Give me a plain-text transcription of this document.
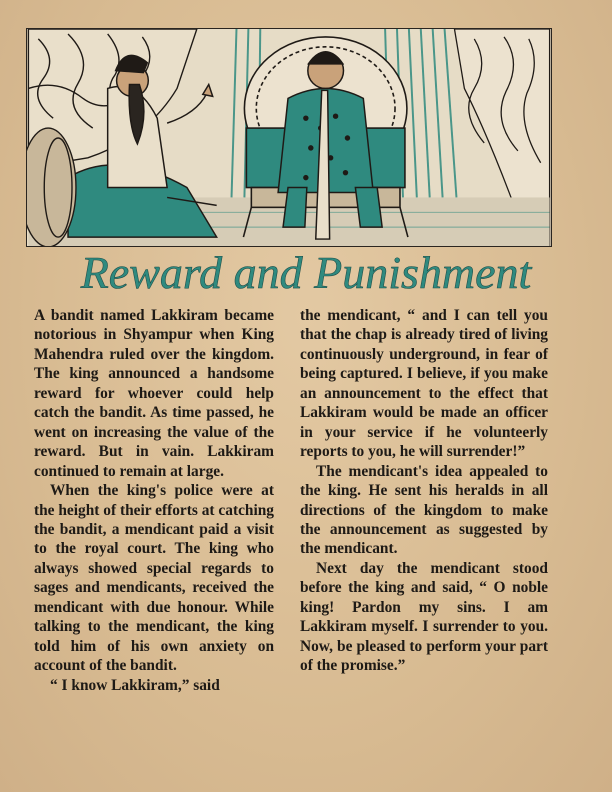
Reward and Punishment

A bandit named Lakkiram became notorious in Shyampur when King Mahendra ruled over the kingdom. The king announced a handsome reward for whoever could help catch the bandit. As time passed, he went on increasing the value of the reward. But in vain. Lakkiram continued to remain at large.

When the king's police were at the height of their efforts at catching the bandit, a mendicant paid a visit to the royal court. The king who always showed special regards to sages and mendicants, received the mendicant with due honour. While talking to the mendicant, the king told him of his own anxiety on account of the bandit.

“ I know Lakkiram,” said

the mendicant, “ and I can tell you that the chap is already tired of living continuously underground, in fear of being captured. I believe, if you make an announcement to the effect that Lakkiram would be made an officer in your service if he volunteerly reports to you, he will surrender!”

The mendicant's idea appealed to the king. He sent his heralds in all directions of the kingdom to make the announcement as suggested by the mendicant.

Next day the mendicant stood before the king and said, “ O noble king! Pardon my sins. I am Lakkiram myself. I surrender to you. Now, be pleased to perform your part of the promise.”
